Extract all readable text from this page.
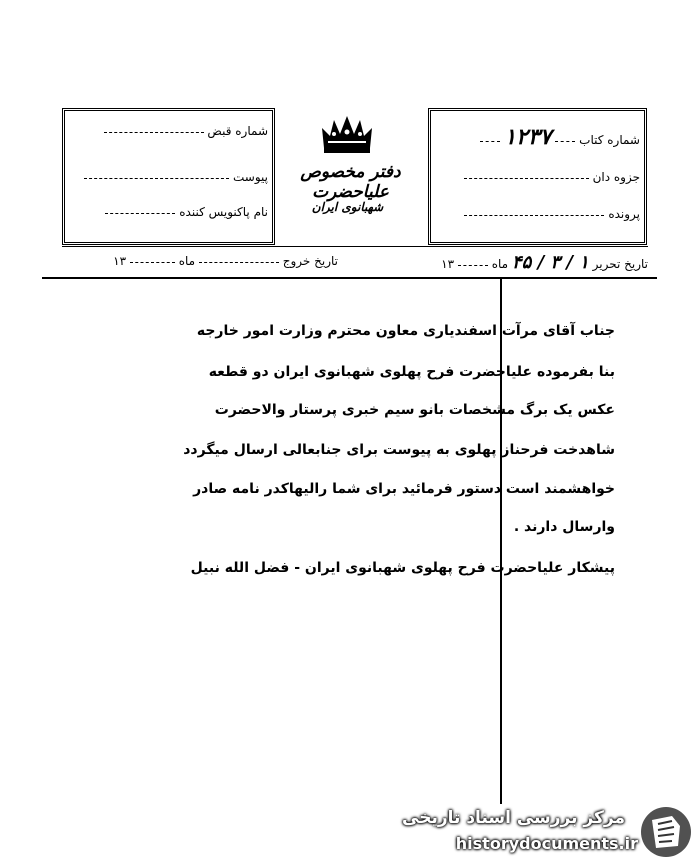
دفتر مخصوص علیاحضرت
شهبانوی ایران
شماره کتاب  ۱۲۳۷
جزوه دان
پرونده
شماره قبض
پیوست
نام پاکنویس کننده
تاریخ تحریر ۱ / ۳ / ۴۵ ماه  ۱۳
تاریخ خروج  ماه  ۱۳
جناب آقای مرآت اسفندیاری معاون محترم وزارت امور خارجه
بنا بفرموده علیاحضرت فرح پهلوی شهبانوی ایران دو قطعه
عکس یک برگ مشخصات بانو سیم خبری پرستار والاحضرت
شاهدخت فرحناز پهلوی به پیوست برای جنابعالی ارسال میگردد
خواهشمند است دستور فرمائید برای شما رالیهاکدر نامه صادر
وارسال دارند .
پیشکار علیاحضرت فرح پهلوی شهبانوی ایران - فضل الله نبیل
مرکز بررسی اسناد تاریخی
historydocuments.ir
